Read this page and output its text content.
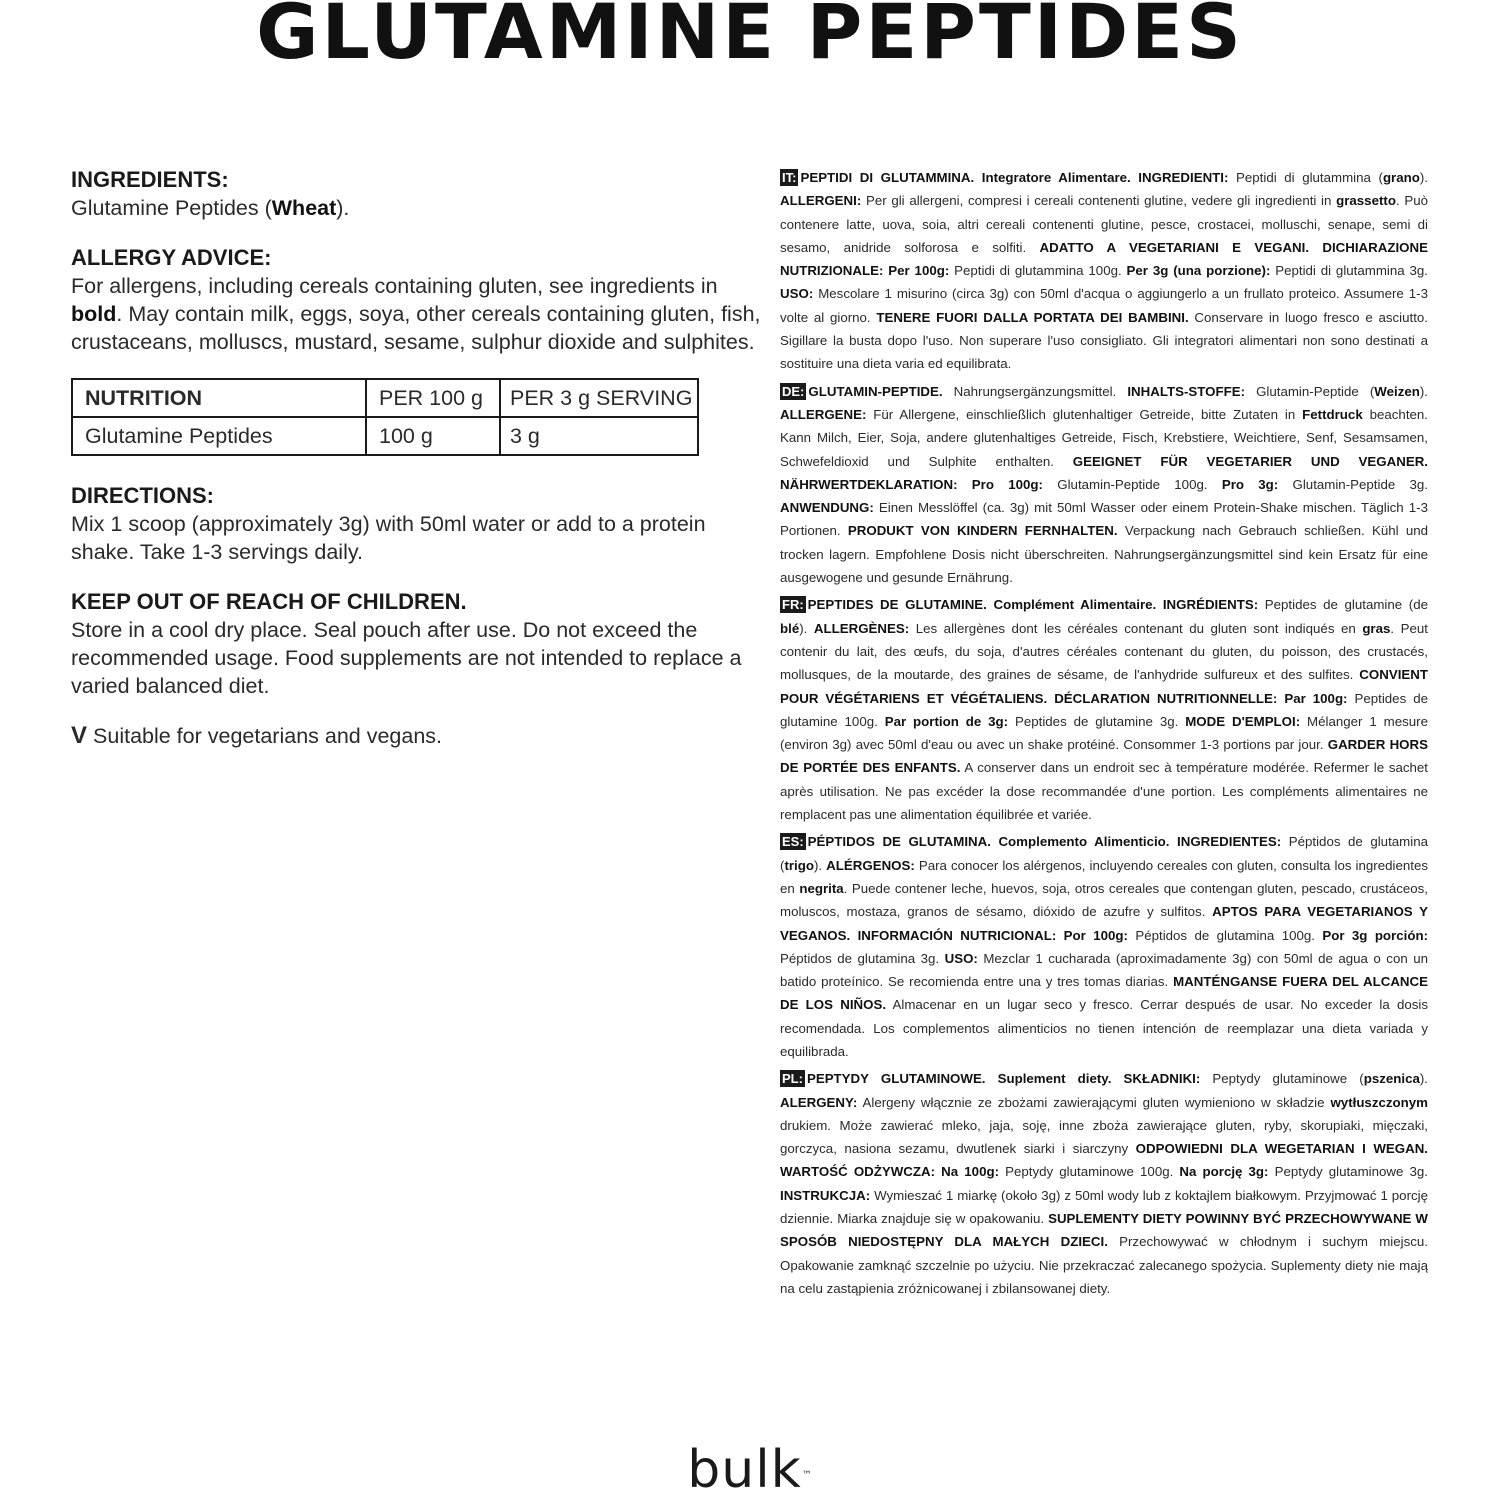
GLUTAMINE PEPTIDES

INGREDIENTS:

Glutamine Peptides (Wheat).

ALLERGY ADVICE:

For allergens, including cereals containing gluten, see ingredients in bold. May contain milk, eggs, soya, other cereals containing gluten, fish, crustaceans, molluscs, mustard, sesame, sulphur dioxide and sulphites.

NUTRITION	PER 100 g	PER 3 g SERVING
Glutamine Peptides	100 g	3 g

DIRECTIONS:

Mix 1 scoop (approximately 3g) with 50ml water or add to a protein shake. Take 1-3 servings daily.

KEEP OUT OF REACH OF CHILDREN.

Store in a cool dry place. Seal pouch after use. Do not exceed the recommended usage. Food supplements are not intended to replace a varied balanced diet.

V Suitable for vegetarians and vegans.

IT: PEPTIDI DI GLUTAMMINA. Integratore Alimentare. INGREDIENTI: Peptidi di glutammina (grano). ALLERGENI: Per gli allergeni, compresi i cereali contenenti glutine, vedere gli ingredienti in grassetto. Può contenere latte, uova, soia, altri cereali contenenti glutine, pesce, crostacei, molluschi, senape, semi di sesamo, anidride solforosa e solfiti. ADATTO A VEGETARIANI E VEGANI. DICHIARAZIONE NUTRIZIONALE: Per 100g: Peptidi di glutammina 100g. Per 3g (una porzione): Peptidi di glutammina 3g. USO: Mescolare 1 misurino (circa 3g) con 50ml d'acqua o aggiungerlo a un frullato proteico. Assumere 1-3 volte al giorno. TENERE FUORI DALLA PORTATA DEI BAMBINI. Conservare in luogo fresco e asciutto. Sigillare la busta dopo l'uso. Non superare l'uso consigliato. Gli integratori alimentari non sono destinati a sostituire una dieta varia ed equilibrata.

DE: GLUTAMIN-PEPTIDE. Nahrungsergänzungsmittel. INHALTS-STOFFE: Glutamin-Peptide (Weizen). ALLERGENE: Für Allergene, einschließlich glutenhaltiger Getreide, bitte Zutaten in Fettdruck beachten. Kann Milch, Eier, Soja, andere glutenhaltiges Getreide, Fisch, Krebstiere, Weichtiere, Senf, Sesamsamen, Schwefeldioxid und Sulphite enthalten. GEEIGNET FÜR VEGETARIER UND VEGANER. NÄHRWERTDEKLARATION: Pro 100g: Glutamin-Peptide 100g. Pro 3g: Glutamin-Peptide 3g. ANWENDUNG: Einen Messlöffel (ca. 3g) mit 50ml Wasser oder einem Protein-Shake mischen. Täglich 1-3 Portionen. PRODUKT VON KINDERN FERNHALTEN. Verpackung nach Gebrauch schließen. Kühl und trocken lagern. Empfohlene Dosis nicht überschreiten. Nahrungsergänzungsmittel sind kein Ersatz für eine ausgewogene und gesunde Ernährung.

FR: PEPTIDES DE GLUTAMINE. Complément Alimentaire. INGRÉDIENTS: Peptides de glutamine (de blé). ALLERGÈNES: Les allergènes dont les céréales contenant du gluten sont indiqués en gras. Peut contenir du lait, des œufs, du soja, d'autres céréales contenant du gluten, du poisson, des crustacés, mollusques, de la moutarde, des graines de sésame, de l'anhydride sulfureux et des sulfites. CONVIENT POUR VÉGÉTARIENS ET VÉGÉTALIENS. DÉCLARATION NUTRITIONNELLE: Par 100g: Peptides de glutamine 100g. Par portion de 3g: Peptides de glutamine 3g. MODE D'EMPLOI: Mélanger 1 mesure (environ 3g) avec 50ml d'eau ou avec un shake protéiné. Consommer 1-3 portions par jour. GARDER HORS DE PORTÉE DES ENFANTS. A conserver dans un endroit sec à température modérée. Refermer le sachet après utilisation. Ne pas excéder la dose recommandée d'une portion. Les compléments alimentaires ne remplacent pas une alimentation équilibrée et variée.

ES: PÉPTIDOS DE GLUTAMINA. Complemento Alimenticio. INGREDIENTES: Péptidos de glutamina (trigo). ALÉRGENOS: Para conocer los alérgenos, incluyendo cereales con gluten, consulta los ingredientes en negrita. Puede contener leche, huevos, soja, otros cereales que contengan gluten, pescado, crustáceos, moluscos, mostaza, granos de sésamo, dióxido de azufre y sulfitos. APTOS PARA VEGETARIANOS Y VEGANOS. INFORMACIÓN NUTRICIONAL: Por 100g: Péptidos de glutamina 100g. Por 3g porción: Péptidos de glutamina 3g. USO: Mezclar 1 cucharada (aproximadamente 3g) con 50ml de agua o con un batido proteínico. Se recomienda entre una y tres tomas diarias. MANTÉNGANSE FUERA DEL ALCANCE DE LOS NIÑOS. Almacenar en un lugar seco y fresco. Cerrar después de usar. No exceder la dosis recomendada. Los complementos alimenticios no tienen intención de reemplazar una dieta variada y equilibrada.

PL: PEPTYDY GLUTAMINOWE. Suplement diety. SKŁADNIKI: Peptydy glutaminowe (pszenica). ALERGENY: Alergeny włącznie ze zbożami zawierającymi gluten wymieniono w składzie wytłuszczonym drukiem. Może zawierać mleko, jaja, soję, inne zboża zawierające gluten, ryby, skorupiaki, mięczaki, gorczyca, nasiona sezamu, dwutlenek siarki i siarczyny ODPOWIEDNI DLA WEGETARIAN I WEGAN. WARTOŚĆ ODŻYWCZA: Na 100g: Peptydy glutaminowe 100g. Na porcję 3g: Peptydy glutaminowe 3g. INSTRUKCJA: Wymieszać 1 miarkę (około 3g) z 50ml wody lub z koktajlem białkowym. Przyjmować 1 porcję dziennie. Miarka znajduje się w opakowaniu. SUPLEMENTY DIETY POWINNY BYĆ PRZECHOWYWANE W SPOSÓB NIEDOSTĘPNY DLA MAŁYCH DZIECI. Przechowywać w chłodnym i suchym miejscu. Opakowanie zamknąć szczelnie po użyciu. Nie przekraczać zalecanego spożycia. Suplementy diety nie mają na celu zastąpienia zróżnicowanej i zbilansowanej diety.

bulk™
